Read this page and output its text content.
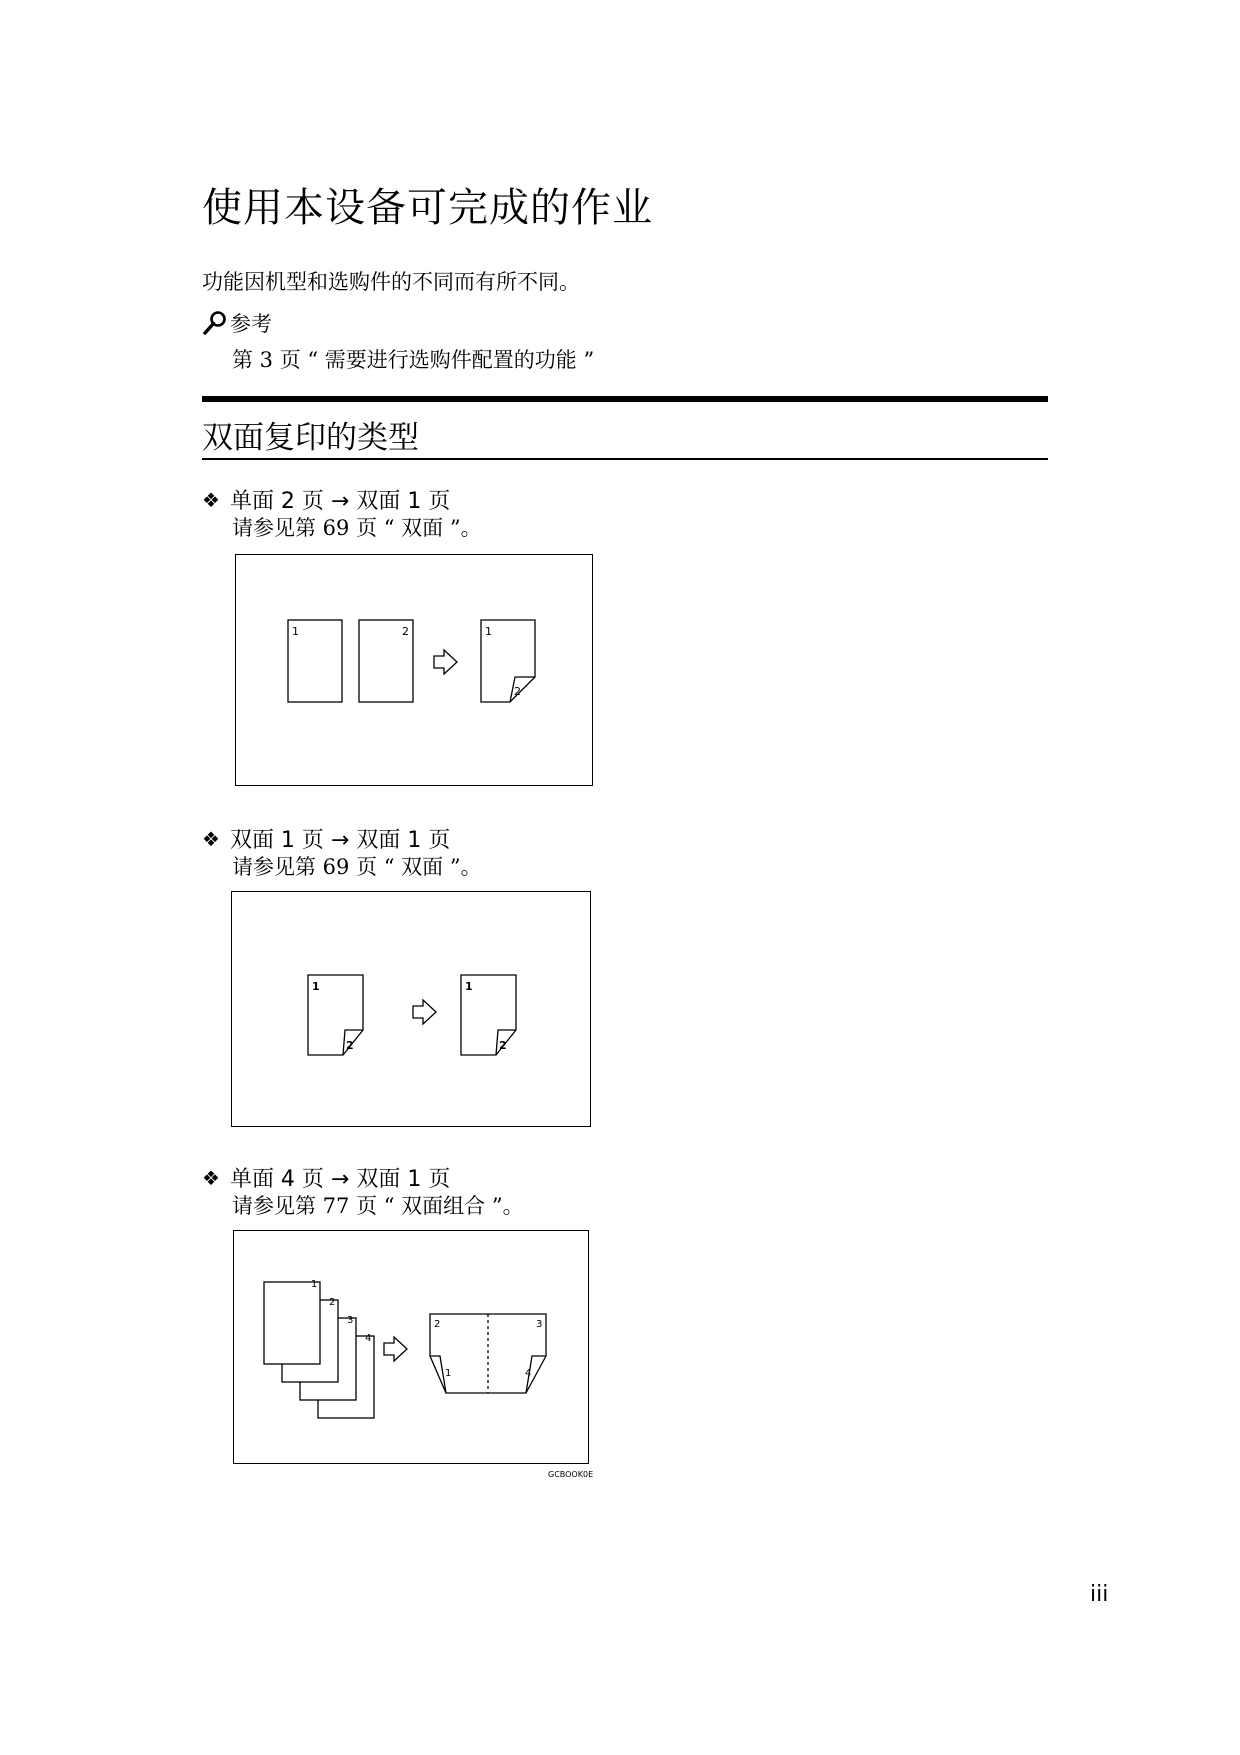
使用本设备可完成的作业
功能因机型和选购件的不同而有所不同。
参考
第 3 页 “ 需要进行选购件配置的功能 ”
双面复印的类型
❖ 单面 2 页 → 双面 1 页
请参见第 69 页 “ 双面 ”。
1	2	1
2
❖ 双面 1 页 → 双面 1 页
请参见第 69 页 “ 双面 ”。
1
2
1
2
❖ 单面 4 页 → 双面 1 页
请参见第 77 页 “ 双面组合 ”。
1
2
3
4
2	3
1	4
GCBOOK0E
iii
